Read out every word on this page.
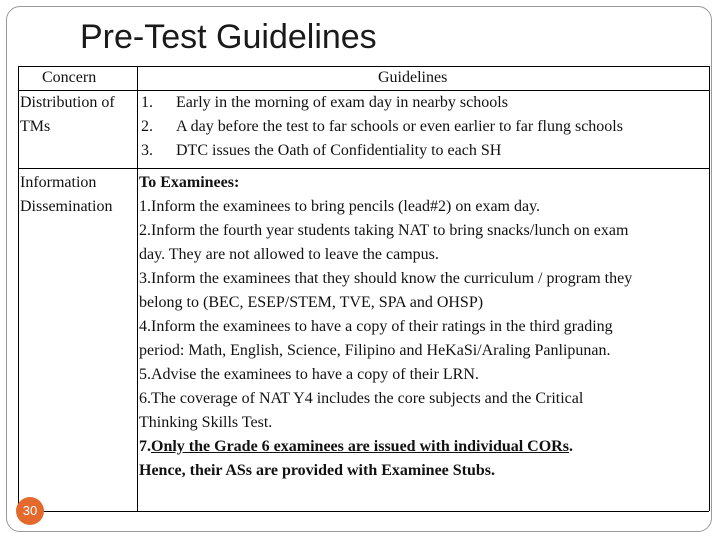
Pre-Test Guidelines
Concern	Guidelines
Distribution of
TMs
1. Early in the morning of exam day in nearby schools
2. A day before the test to far schools or even earlier to far flung schools
3. DTC issues the Oath of Confidentiality to each SH
Information
Dissemination
To Examinees:
1.Inform the examinees to bring pencils (lead#2) on exam day.
2.Inform the fourth year students taking NAT to bring snacks/lunch on exam
day. They are not allowed to leave the campus.
3.Inform the examinees that they should know the curriculum / program they
belong to (BEC, ESEP/STEM, TVE, SPA and OHSP)
4.Inform the examinees to have a copy of their ratings in the third grading
period: Math, English, Science, Filipino and HeKaSi/Araling Panlipunan.
5.Advise the examinees to have a copy of their LRN.
6.The coverage of NAT Y4 includes the core subjects and the Critical
Thinking Skills Test.
7.Only the Grade 6 examinees are issued with individual CORs.
Hence, their ASs are provided with Examinee Stubs.
30
